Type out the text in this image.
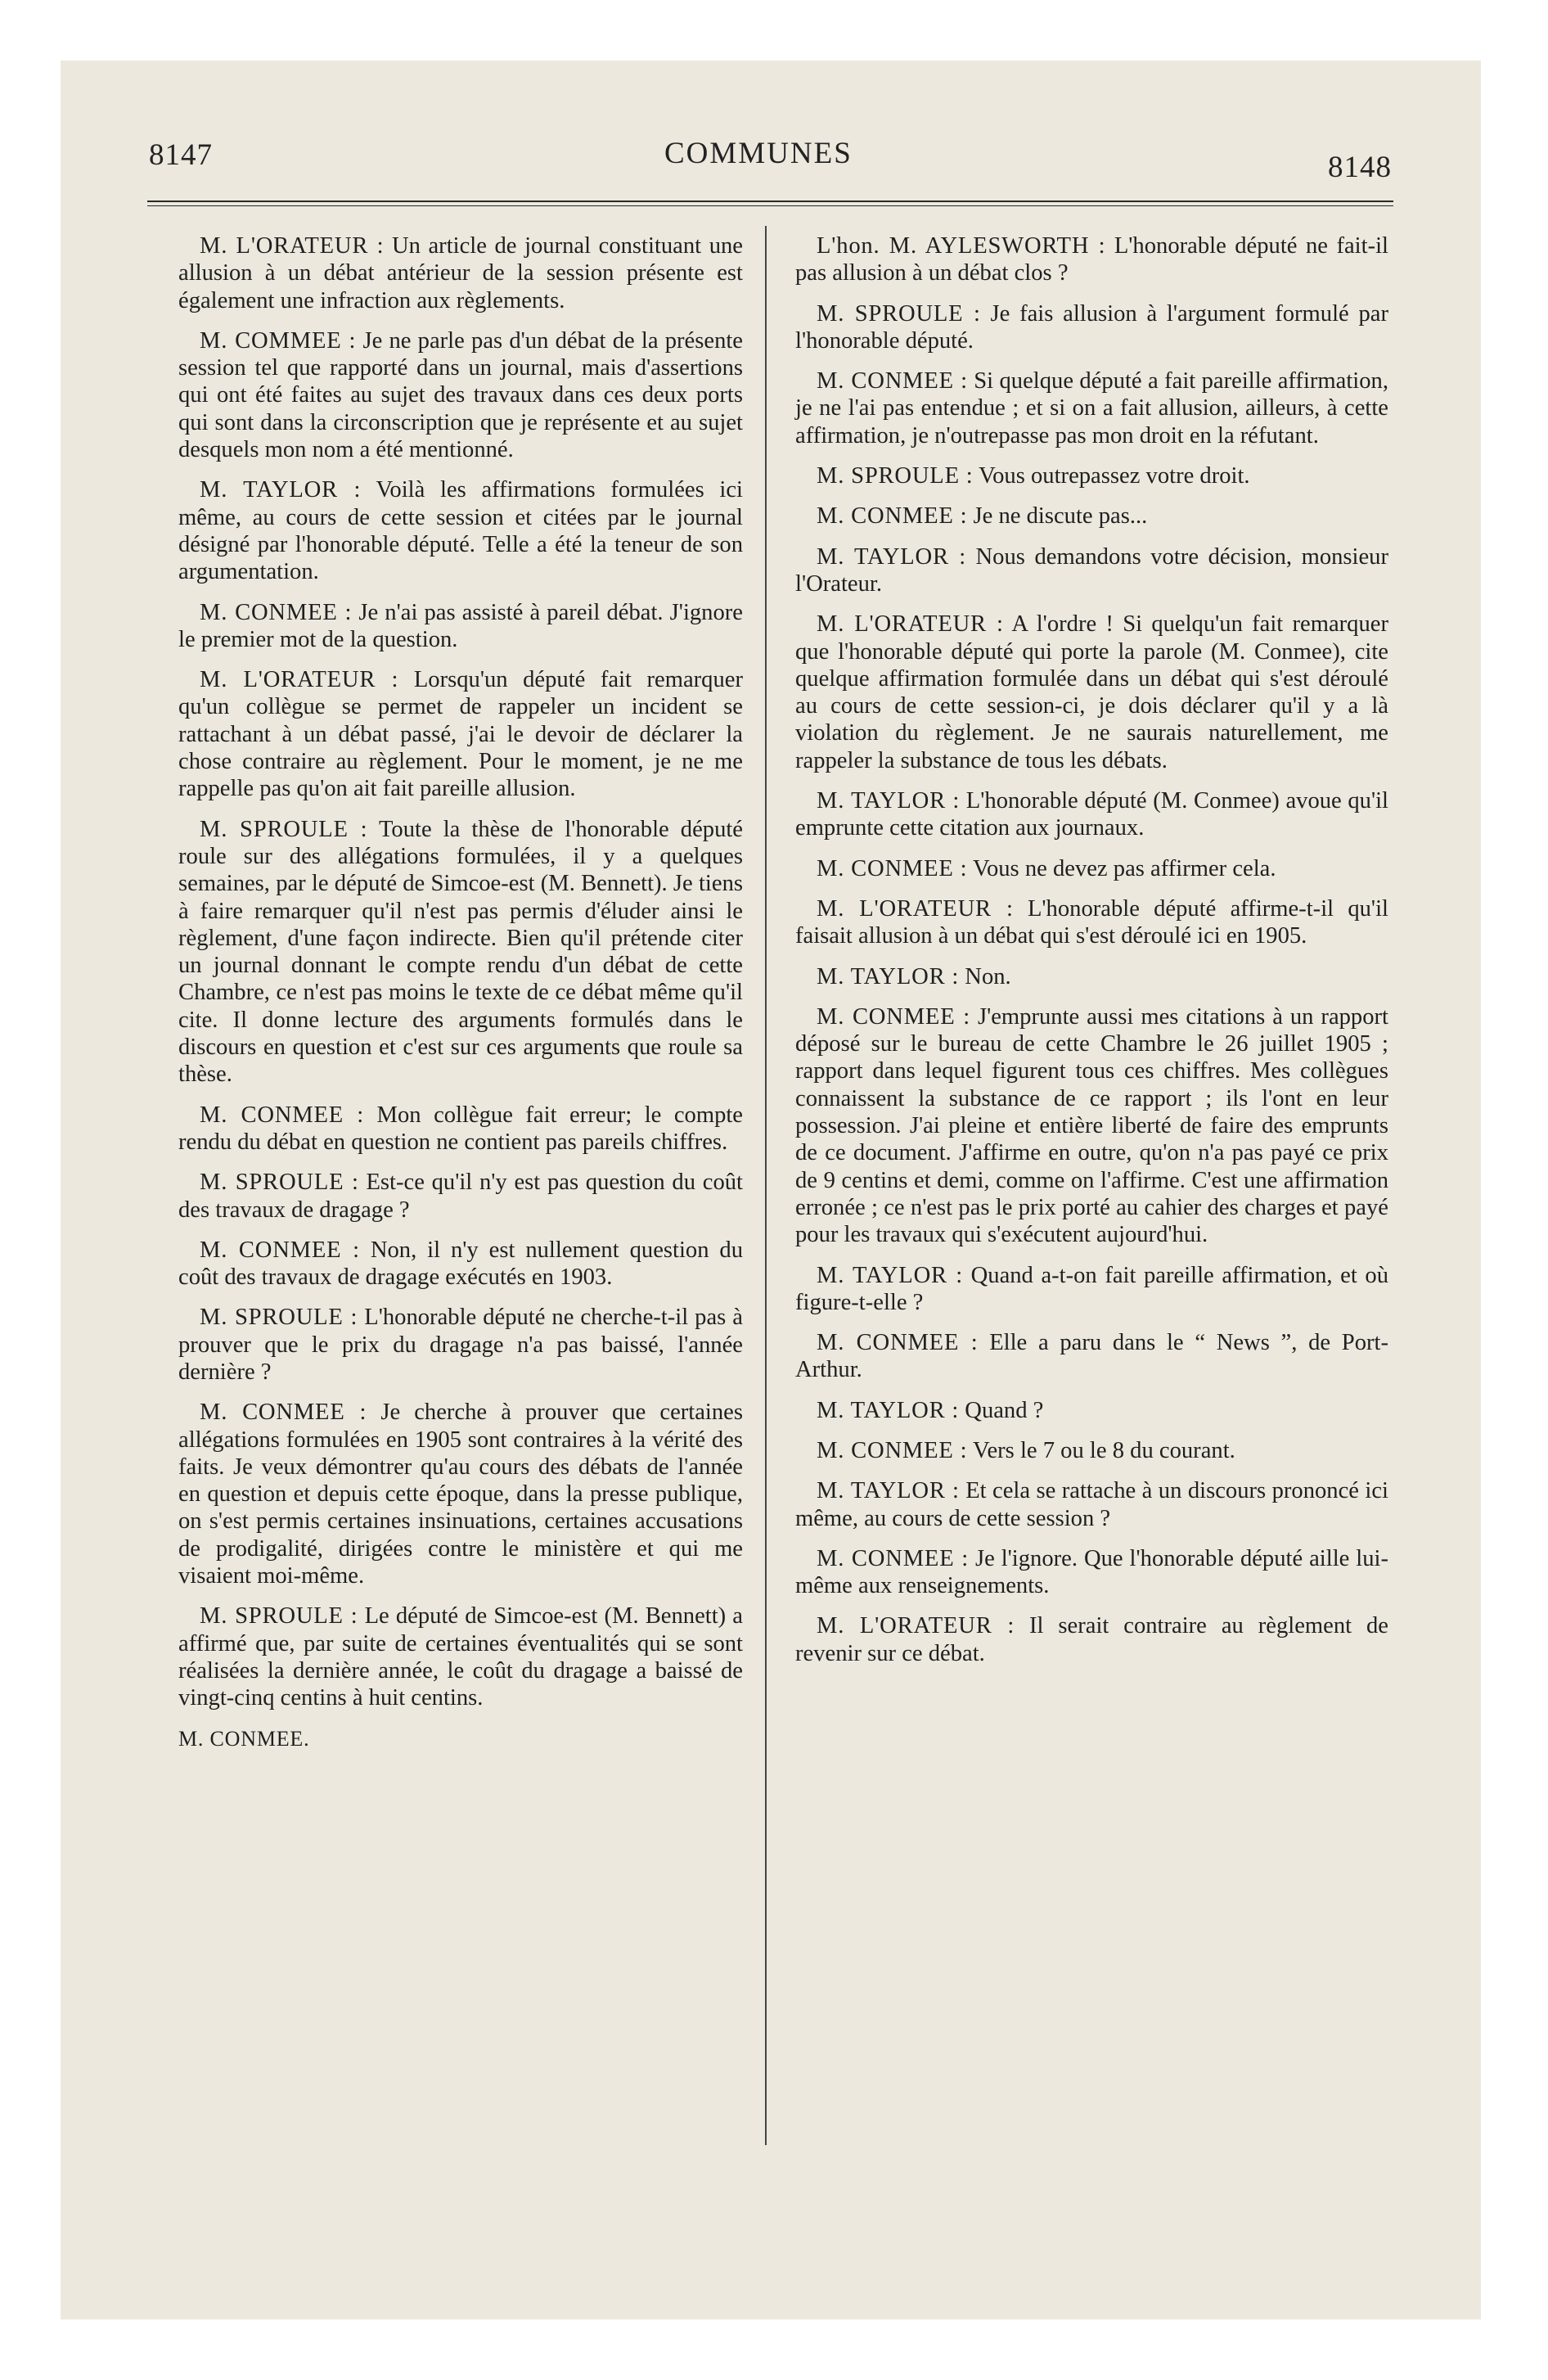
8147	COMMUNES	8148

M. L'ORATEUR : Un article de journal constituant une allusion à un débat antérieur de la session présente est également une infraction aux règlements.

M. COMMEE : Je ne parle pas d'un débat de la présente session tel que rapporté dans un journal, mais d'assertions qui ont été faites au sujet des travaux dans ces deux ports qui sont dans la circonscription que je représente et au sujet desquels mon nom a été mentionné.

M. TAYLOR : Voilà les affirmations formulées ici même, au cours de cette session et citées par le journal désigné par l'honorable député. Telle a été la teneur de son argumentation.

M. CONMEE : Je n'ai pas assisté à pareil débat. J'ignore le premier mot de la question.

M. L'ORATEUR : Lorsqu'un député fait remarquer qu'un collègue se permet de rappeler un incident se rattachant à un débat passé, j'ai le devoir de déclarer la chose contraire au règlement. Pour le moment, je ne me rappelle pas qu'on ait fait pareille allusion.

M. SPROULE : Toute la thèse de l'honorable député roule sur des allégations formulées, il y a quelques semaines, par le député de Simcoe-est (M. Bennett). Je tiens à faire remarquer qu'il n'est pas permis d'éluder ainsi le règlement, d'une façon indirecte. Bien qu'il prétende citer un journal donnant le compte rendu d'un débat de cette Chambre, ce n'est pas moins le texte de ce débat même qu'il cite. Il donne lecture des arguments formulés dans le discours en question et c'est sur ces arguments que roule sa thèse.

M. CONMEE : Mon collègue fait erreur; le compte rendu du débat en question ne contient pas pareils chiffres.

M. SPROULE : Est-ce qu'il n'y est pas question du coût des travaux de dragage ?

M. CONMEE : Non, il n'y est nullement question du coût des travaux de dragage exécutés en 1903.

M. SPROULE : L'honorable député ne cherche-t-il pas à prouver que le prix du dragage n'a pas baissé, l'année dernière ?

M. CONMEE : Je cherche à prouver que certaines allégations formulées en 1905 sont contraires à la vérité des faits. Je veux démontrer qu'au cours des débats de l'année en question et depuis cette époque, dans la presse publique, on s'est permis certaines insinuations, certaines accusations de prodigalité, dirigées contre le ministère et qui me visaient moi-même.

M. SPROULE : Le député de Simcoe-est (M. Bennett) a affirmé que, par suite de certaines éventualités qui se sont réalisées la dernière année, le coût du dragage a baissé de vingt-cinq centins à huit centins.

M. CONMEE.

L'hon. M. AYLESWORTH : L'honorable député ne fait-il pas allusion à un débat clos ?

M. SPROULE : Je fais allusion à l'argument formulé par l'honorable député.

M. CONMEE : Si quelque député a fait pareille affirmation, je ne l'ai pas entendue ; et si on a fait allusion, ailleurs, à cette affirmation, je n'outrepasse pas mon droit en la réfutant.

M. SPROULE : Vous outrepassez votre droit.

M. CONMEE : Je ne discute pas...

M. TAYLOR : Nous demandons votre décision, monsieur l'Orateur.

M. L'ORATEUR : A l'ordre ! Si quelqu'un fait remarquer que l'honorable député qui porte la parole (M. Conmee), cite quelque affirmation formulée dans un débat qui s'est déroulé au cours de cette session-ci, je dois déclarer qu'il y a là violation du règlement. Je ne saurais naturellement, me rappeler la substance de tous les débats.

M. TAYLOR : L'honorable député (M. Conmee) avoue qu'il emprunte cette citation aux journaux.

M. CONMEE : Vous ne devez pas affirmer cela.

M. L'ORATEUR : L'honorable député affirme-t-il qu'il faisait allusion à un débat qui s'est déroulé ici en 1905.

M. TAYLOR : Non.

M. CONMEE : J'emprunte aussi mes citations à un rapport déposé sur le bureau de cette Chambre le 26 juillet 1905 ; rapport dans lequel figurent tous ces chiffres. Mes collègues connaissent la substance de ce rapport ; ils l'ont en leur possession. J'ai pleine et entière liberté de faire des emprunts de ce document. J'affirme en outre, qu'on n'a pas payé ce prix de 9 centins et demi, comme on l'affirme. C'est une affirmation erronée ; ce n'est pas le prix porté au cahier des charges et payé pour les travaux qui s'exécutent aujourd'hui.

M. TAYLOR : Quand a-t-on fait pareille affirmation, et où figure-t-elle ?

M. CONMEE : Elle a paru dans le “ News ”, de Port-Arthur.

M. TAYLOR : Quand ?

M. CONMEE : Vers le 7 ou le 8 du courant.

M. TAYLOR : Et cela se rattache à un discours prononcé ici même, au cours de cette session ?

M. CONMEE : Je l'ignore. Que l'honorable député aille lui-même aux renseignements.

M. L'ORATEUR : Il serait contraire au règlement de revenir sur ce débat.
